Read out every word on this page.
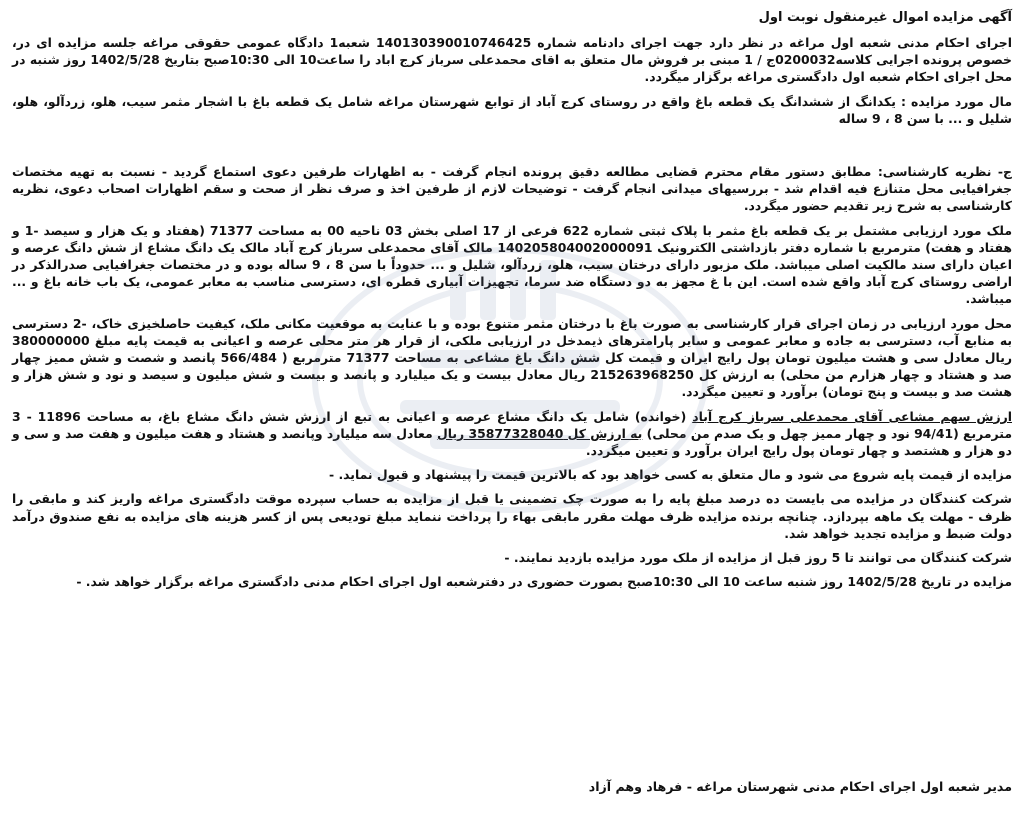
آگهی مزایده اموال غیرمنقول نوبت اول

اجرای احکام مدنی شعبه اول مراغه در نظر دارد جهت اجرای دادنامه شماره 140130390010746425 شعبه1 دادگاه عمومی حقوقی مراغه جلسه مزایده ای در، خصوص پرونده اجرایی کلاسه0200032ج / 1 مبنی بر فروش مال متعلق به اقای محمدعلی سرباز کرج اباد را ساعت10 الی 10:30صبح بتاریخ 1402/5/28 روز شنبه در محل اجرای احکام شعبه اول دادگستری مراغه برگزار میگردد.

مال مورد مزایده : یکدانگ از ششدانگ یک قطعه باغ واقع در روستای کرج آباد از توابع شهرستان مراغه شامل یک قطعه باغ با اشجار مثمر سیب، هلو، زردآلو، هلو، شلیل و ... با سن 8 ، 9 ساله

ج- نظریه کارشناسی: مطابق دستور مقام محترم قضایی مطالعه دقیق پرونده انجام گرفت - به اظهارات طرفین دعوی استماع گردید - نسبت به تهیه مختصات جغرافیایی محل متنازع فیه اقدام شد - بررسیهای میدانی انجام گرفت - توضیحات لازم از طرفین اخذ و صرف نظر از صحت و سقم اظهارات اصحاب دعوی، نظریه کارشناسی به شرح زیر تقدیم حضور میگردد.

ملک مورد ارزیابی مشتمل بر یک قطعه باغ مثمر با پلاک ثبتی شماره 622 فرعی از 17 اصلی بخش 03 ناحیه 00 به مساحت 71377 (هفتاد و یک هزار و سیصد -1 و هفتاد و هفت) مترمربع با شماره دفتر بازداشتی الکترونیک 140205804002000091 مالک آقای محمدعلی سرباز کرج آباد مالک یک دانگ مشاع از شش دانگ عرصه و اعیان دارای سند مالکیت اصلی میباشد. ملک مزبور دارای درختان سیب، هلو، زردآلو، شلیل و ... حدوداً با سن 8 ، 9 ساله بوده و در مختصات جغرافیایی صدرالذکر در اراضی روستای کرج آباد واقع شده است. این با غ مجهز به دو دستگاه ضد سرما، تجهیزات آبیاری قطره ای، دسترسی مناسب به معابر عمومی، یک باب خانه باغ و ... میباشد.

محل مورد ارزیابی در زمان اجرای قرار کارشناسی به صورت باغ با درختان مثمر متنوع بوده و با عنایت به موقعیت مکانی ملک، کیفیت حاصلخیزی خاک، -2 دسترسی به منابع آب، دسترسی به جاده و معابر عمومی و سایر پارامترهای ذیمدخل در ارزیابی ملکی، از قرار هر متر محلی عرصه و اعیانی به قیمت پایه مبلغ 380000000 ریال معادل سی و هشت میلیون تومان پول رایج ایران و قیمت کل شش دانگ باغ مشاعی به مساحت 71377 مترمربع ( 566/484 پانصد و شصت و شش ممیز چهار صد و هشتاد و چهار هزارم من محلی) به ارزش کل 215263968250 ریال معادل بیست و یک میلیارد و پانصد و بیست و شش میلیون و سیصد و نود و شش هزار و هشت صد و بیست و پنج تومان) برآورد و تعیین میگردد.

ارزش سهم مشاعی آقای محمدعلی سرباز کرج آباد (خوانده) شامل یک دانگ مشاع عرصه و اعیانی به تبع از ارزش شش دانگ مشاع باغ، به مساحت 11896 - 3 مترمربع (94/41 نود و چهار ممیز چهل و یک صدم من محلی) به ارزش کل 35877328040 ریال معادل سه میلیارد وپانصد و هشتاد و هفت میلیون و هفت صد و سی و دو هزار و هشتصد و چهار تومان پول رایج ایران برآورد و تعیین میگردد.

مزایده از قیمت پایه شروع می شود و مال متعلق به کسی خواهد بود که بالاترین قیمت را پیشنهاد و قبول نماید. -

شرکت کنندگان در مزایده می بایست ده درصد مبلغ پایه را به صورت چک تضمینی یا قبل از مزایده به حساب سپرده موقت دادگستری مراغه واریز کند و مابقی را ظرف - مهلت یک ماهه بپردازد. چنانچه برنده مزایده ظرف مهلت مقرر مابقی بهاء را پرداخت ننماید مبلغ تودیعی پس از کسر هزینه های مزایده به نفع صندوق درآمد دولت ضبط و مزایده تجدید خواهد شد.

شرکت کنندگان می توانند تا 5 روز قبل از مزایده از ملک مورد مزایده بازدید نمایند. -

مزایده در تاریخ 1402/5/28 روز شنبه ساعت 10 الی 10:30صبح بصورت حضوری در دفترشعبه اول اجرای احکام مدنی دادگستری مراغه برگزار خواهد شد. -

مدیر شعبه اول اجرای احکام مدنی شهرستان مراغه - فرهاد وهم آزاد
